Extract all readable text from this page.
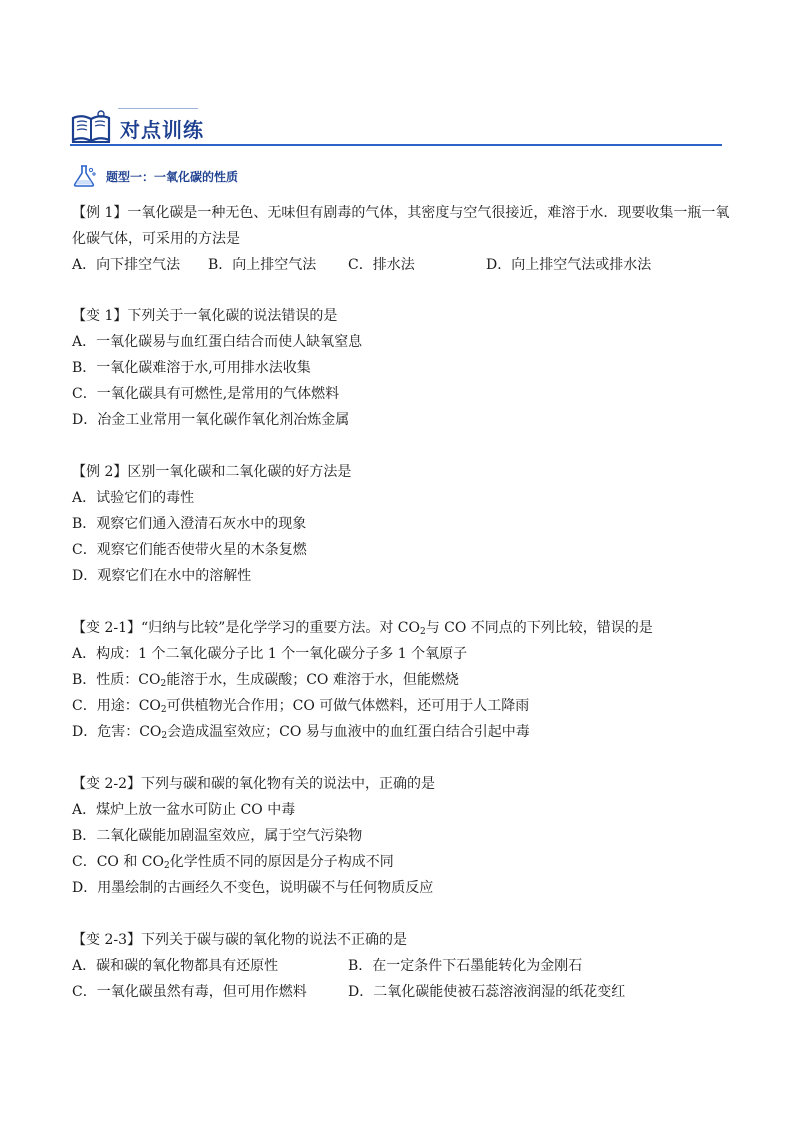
对点训练
题型一：一氧化碳的性质
【例 1】一氧化碳是一种无色、无味但有剧毒的气体，其密度与空气很接近，难溶于水．现要收集一瓶一氧
化碳气体，可采用的方法是
A．向下排空气法 B．向上排空气法 C．排水法	D．向上排空气法或排水法
【变 1】下列关于一氧化碳的说法错误的是
A．一氧化碳易与血红蛋白结合而使人缺氧窒息
B．一氧化碳难溶于水,可用排水法收集
C．一氧化碳具有可燃性,是常用的气体燃料
D．冶金工业常用一氧化碳作氧化剂冶炼金属
【例 2】区别一氧化碳和二氧化碳的好方法是
A．试验它们的毒性
B．观察它们通入澄清石灰水中的现象
C．观察它们能否使带火星的木条复燃
D．观察它们在水中的溶解性
【变 2-1】“归纳与比较”是化学学习的重要方法。对 $CO_2$与 CO 不同点的下列比较，错误的是
A．构成：1 个二氧化碳分子比 1 个一氧化碳分子多 1 个氧原子
B．性质：$CO_2$能溶于水，生成碳酸；CO 难溶于水，但能燃烧
C．用途：$CO_2$可供植物光合作用；CO 可做气体燃料，还可用于人工降雨
D．危害：$CO_2$会造成温室效应；CO 易与血液中的血红蛋白结合引起中毒
【变 2-2】下列与碳和碳的氧化物有关的说法中，正确的是
A．煤炉上放一盆水可防止 CO 中毒
B．二氧化碳能加剧温室效应，属于空气污染物
C．CO 和 $CO_2$化学性质不同的原因是分子构成不同
D．用墨绘制的古画经久不变色，说明碳不与任何物质反应
【变 2-3】下列关于碳与碳的氧化物的说法不正确的是
A．碳和碳的氧化物都具有还原性	B．在一定条件下石墨能转化为金刚石
C．一氧化碳虽然有毒，但可用作燃料	D．二氧化碳能使被石蕊溶液润湿的纸花变红
